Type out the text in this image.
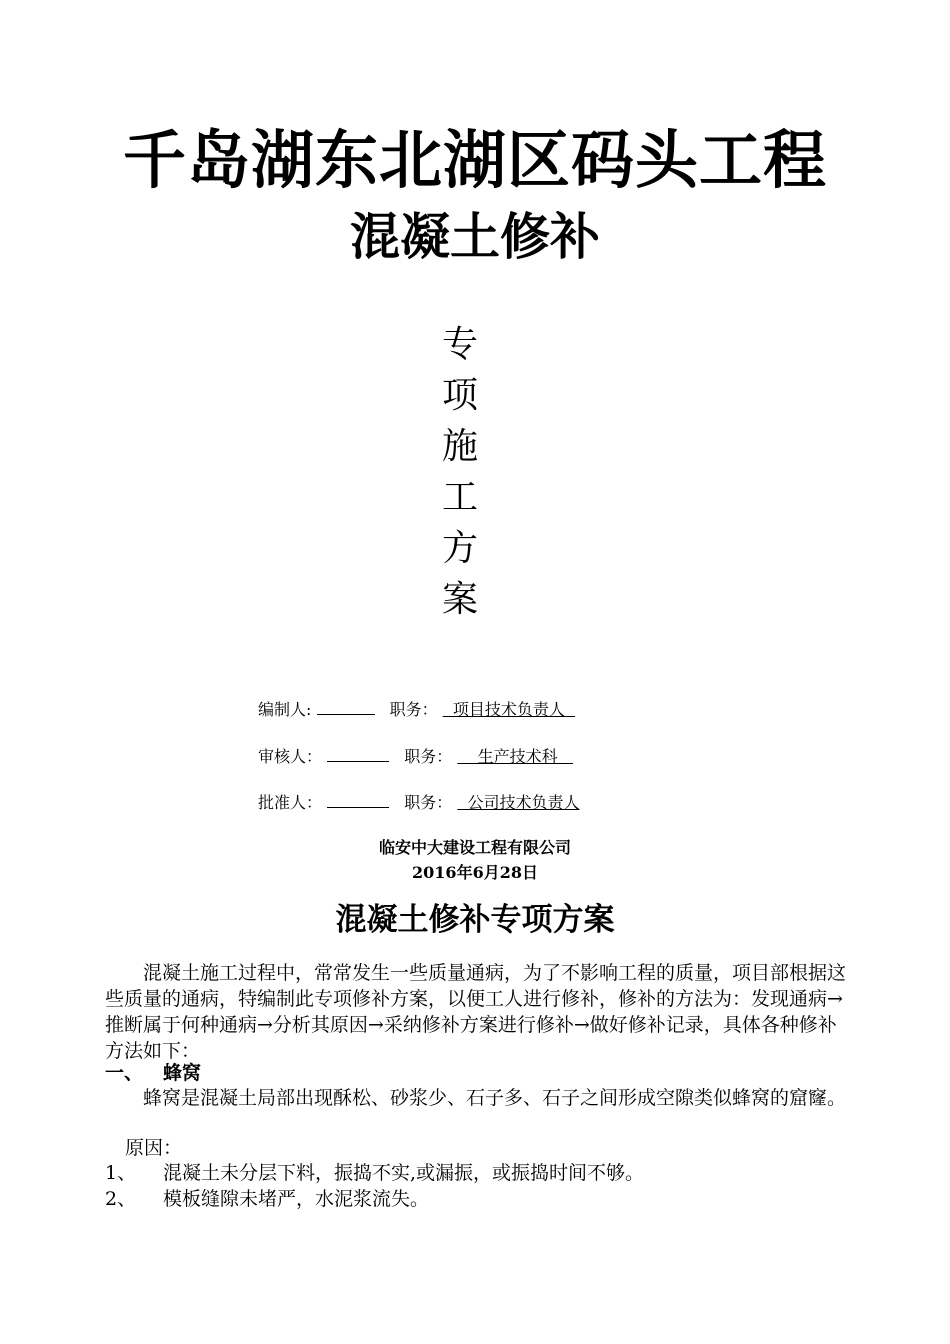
千岛湖东北湖区码头工程
混凝土修补
专
项
施
工
方
案
编制人:	职务：   项目技术负责人
审核人：	职务：     生产技术科
批准人：	职务：   公司技术负责人
临安中大建设工程有限公司
2016年6月28日
混凝土修补专项方案
混凝土施工过程中，常常发生一些质量通病，为了不影响工程的质量，项目部根据这些质量的通病，特编制此专项修补方案，以便工人进行修补，修补的方法为：发现通病→推断属于何种通病→分析其原因→采纳修补方案进行修补→做好修补记录，具体各种修补方法如下：
一、 蜂窝
蜂窝是混凝土局部出现酥松、砂浆少、石子多、石子之间形成空隙类似蜂窝的窟窿。
原因：
1、 混凝土未分层下料，振捣不实,或漏振，或振捣时间不够。
2、 模板缝隙未堵严，水泥浆流失。
